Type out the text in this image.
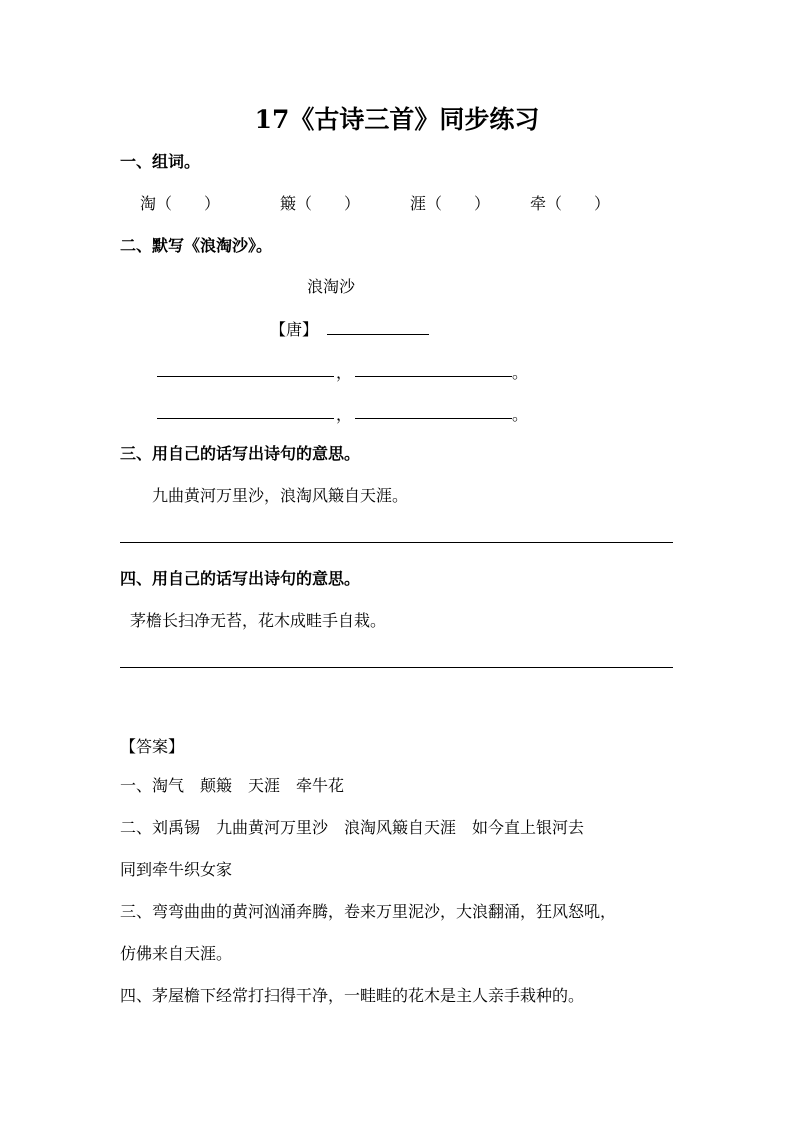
17《古诗三首》同步练习
一、组词。
淘（　　）	簸（　　）	涯（　　） 牵（　　）
二、默写《浪淘沙》。
浪淘沙
【唐】
，	。
，	。
三、用自己的话写出诗句的意思。
九曲黄河万里沙，浪淘风簸自天涯。
四、用自己的话写出诗句的意思。
茅檐长扫净无苔，花木成畦手自栽。
【答案】
一、淘气　颠簸　天涯　牵牛花
二、刘禹锡　九曲黄河万里沙　浪淘风簸自天涯　如今直上银河去
同到牵牛织女家
三、弯弯曲曲的黄河汹涌奔腾，卷来万里泥沙，大浪翻涌，狂风怒吼，
仿佛来自天涯。
四、茅屋檐下经常打扫得干净，一畦畦的花木是主人亲手栽种的。
